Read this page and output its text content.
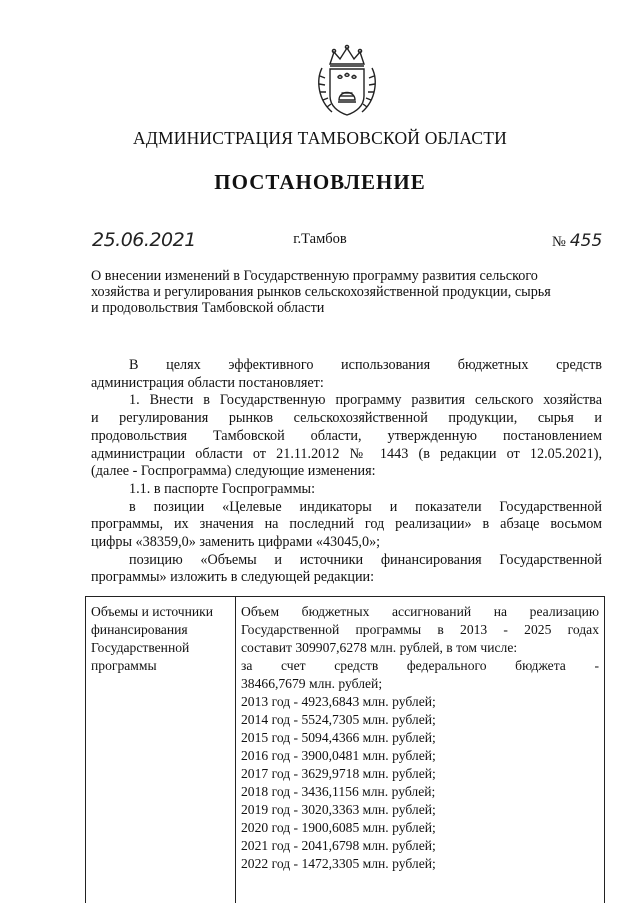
АДМИНИСТРАЦИЯ ТАМБОВСКОЙ ОБЛАСТИ
ПОСТАНОВЛЕНИЕ
25.06.2021	г.Тамбов	№ 455
О внесении изменений в Государственную программу развития сельского
хозяйства и регулирования рынков сельскохозяйственной продукции, сырья
и продовольствия Тамбовской области
В целях эффективного использования бюджетных средств
администрация области постановляет:
1. Внести в Государственную программу развития сельского хозяйства
и регулирования рынков сельскохозяйственной продукции, сырья и
продовольствия Тамбовской области, утвержденную постановлением
администрации области от 21.11.2012 № 1443 (в редакции от 12.05.2021),
(далее - Госпрограмма) следующие изменения:
1.1. в паспорте Госпрограммы:
в позиции «Целевые индикаторы и показатели Государственной
программы, их значения на последний год реализации» в абзаце восьмом
цифры «38359,0» заменить цифрами «43045,0»;
позицию «Объемы и источники финансирования Государственной
программы» изложить в следующей редакции:
Объемы и источники
финансирования
Государственной
программы
Объем бюджетных ассигнований на реализацию
Государственной программы в 2013 - 2025 годах
составит 309907,6278 млн. рублей, в том числе:
за счет средств федерального бюджета -
38466,7679 млн. рублей;
2013 год - 4923,6843 млн. рублей;
2014 год - 5524,7305 млн. рублей;
2015 год - 5094,4366 млн. рублей;
2016 год - 3900,0481 млн. рублей;
2017 год - 3629,9718 млн. рублей;
2018 год - 3436,1156 млн. рублей;
2019 год - 3020,3363 млн. рублей;
2020 год - 1900,6085 млн. рублей;
2021 год - 2041,6798 млн. рублей;
2022 год - 1472,3305 млн. рублей;
